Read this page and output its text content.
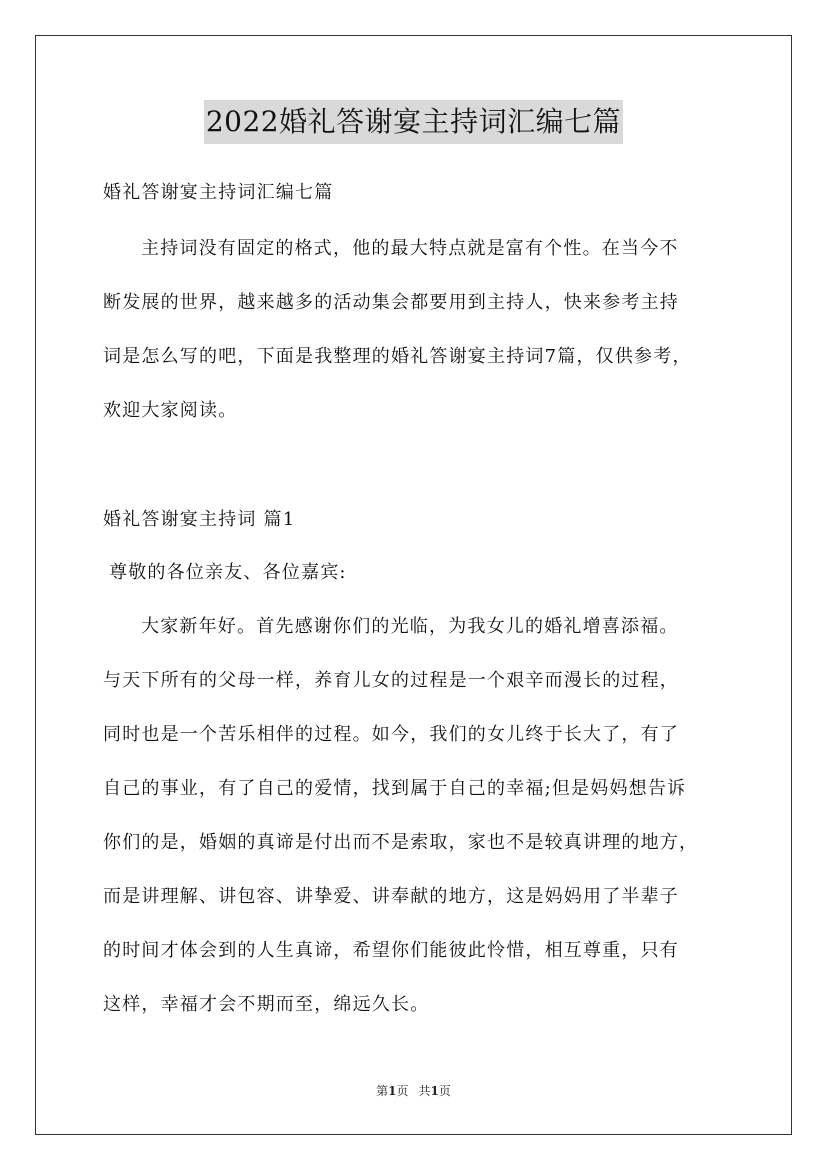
2022婚礼答谢宴主持词汇编七篇
婚礼答谢宴主持词汇编七篇
主持词没有固定的格式，他的最大特点就是富有个性。在当今不
断发展的世界，越来越多的活动集会都要用到主持人，快来参考主持
词是怎么写的吧，下面是我整理的婚礼答谢宴主持词7篇，仅供参考，
欢迎大家阅读。
婚礼答谢宴主持词 篇1
尊敬的各位亲友、各位嘉宾:
大家新年好。首先感谢你们的光临，为我女儿的婚礼增喜添福。
与天下所有的父母一样，养育儿女的过程是一个艰辛而漫长的过程，
同时也是一个苦乐相伴的过程。如今，我们的女儿终于长大了，有了
自己的事业，有了自己的爱情，找到属于自己的幸福;但是妈妈想告诉
你们的是，婚姻的真谛是付出而不是索取，家也不是较真讲理的地方，
而是讲理解、讲包容、讲挚爱、讲奉献的地方，这是妈妈用了半辈子
的时间才体会到的人生真谛，希望你们能彼此怜惜，相互尊重，只有
这样，幸福才会不期而至，绵远久长。
第1页 共1页
